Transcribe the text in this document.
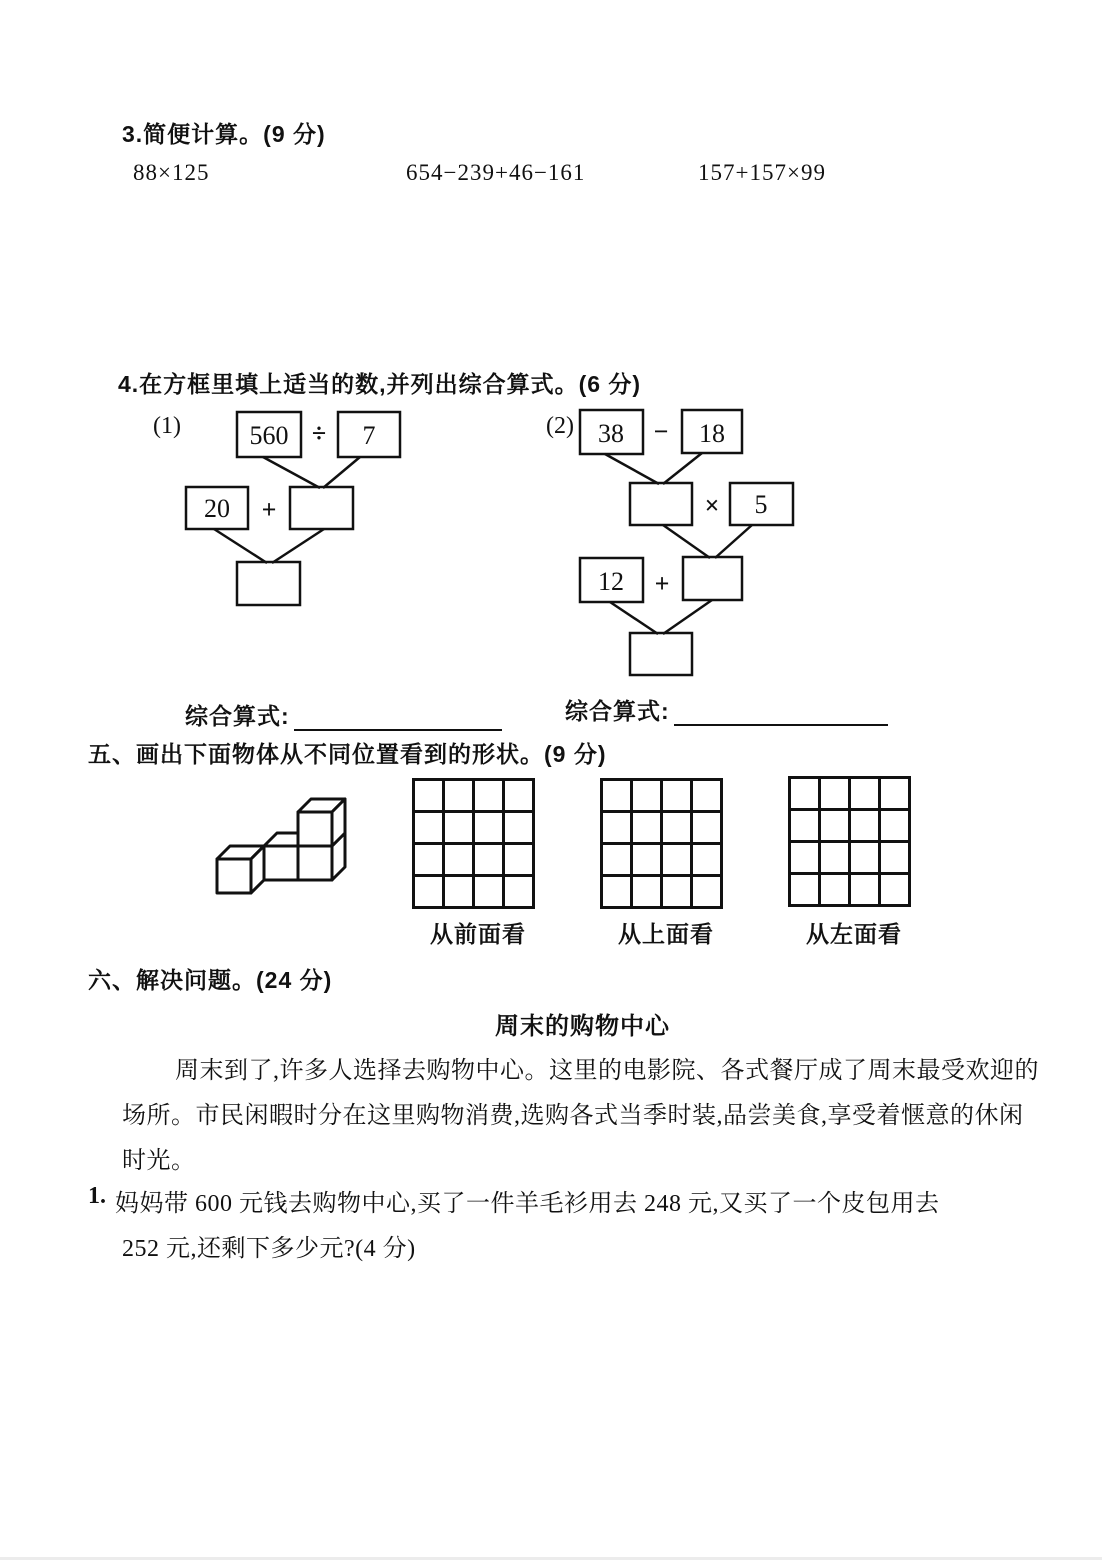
3.简便计算。(9 分)
88×125	654−239+46−161	157+157×99
4.在方框里填上适当的数,并列出综合算式。(6 分)
(1)	560 ÷ 7
20 +
(2) 38 − 18
× 5
12 +
综合算式:	综合算式:
五、画出下面物体从不同位置看到的形状。(9 分)
从前面看	从上面看	从左面看
六、解决问题。(24 分)
周末的购物中心
周末到了,许多人选择去购物中心。这里的电影院、各式餐厅成了周末最受欢迎的
场所。市民闲暇时分在这里购物消费,选购各式当季时装,品尝美食,享受着惬意的休闲
时光。
1. 妈妈带 600 元钱去购物中心,买了一件羊毛衫用去 248 元,又买了一个皮包用去
252 元,还剩下多少元?(4 分)
